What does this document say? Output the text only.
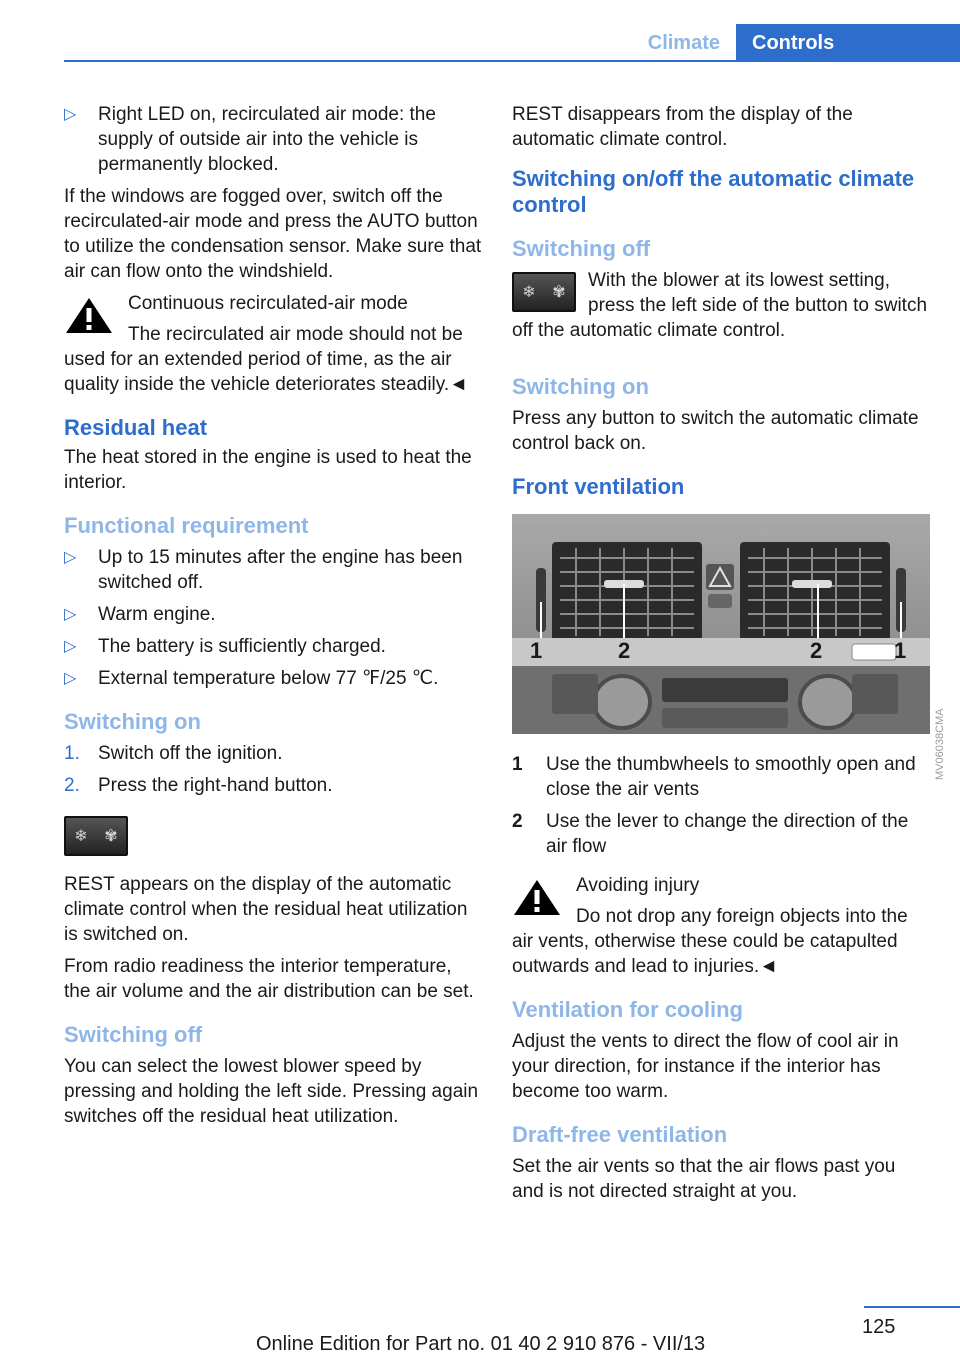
Climate	Controls
▷ Right LED on, recirculated air mode: the supply of outside air into the vehicle is permanently blocked.

If the windows are fogged over, switch off the recirculated-air mode and press the AUTO button to utilize the condensation sensor. Make sure that air can flow onto the windshield.

Continuous recirculated-air mode

The recirculated air mode should not be used for an extended period of time, as the air quality inside the vehicle deteriorates steadily.◄

Residual heat

The heat stored in the engine is used to heat the interior.

Functional requirement
▷ Up to 15 minutes after the engine has been switched off.
▷ Warm engine.
▷ The battery is sufficiently charged.
▷ External temperature below 77 ℉/25 ℃.
Switching on
1. Switch off the ignition.
2. Press the right-hand button.
❄ ✾

REST appears on the display of the automatic climate control when the residual heat utilization is switched on.

From radio readiness the interior temperature, the air volume and the air distribution can be set.

Switching off

You can select the lowest blower speed by pressing and holding the left side. Pressing again switches off the residual heat utilization.

REST disappears from the display of the automatic climate control.

Switching on/off the automatic climate control
Switching off
❄ ✾

With the blower at its lowest setting, press the left side of the button to switch off the automatic climate control.

Switching on

Press any button to switch the automatic climate control back on.

Front ventilation
1	2	2	1
1 Use the thumbwheels to smoothly open and close the air vents
2 Use the lever to change the direction of the air flow

Avoiding injury

Do not drop any foreign objects into the air vents, otherwise these could be catapulted outwards and lead to injuries.◄

Ventilation for cooling

Adjust the vents to direct the flow of cool air in your direction, for instance if the interior has become too warm.

Draft-free ventilation

Set the air vents so that the air flows past you and is not directed straight at you.

MV06038CMA
125
Online Edition for Part no. 01 40 2 910 876 - VII/13
